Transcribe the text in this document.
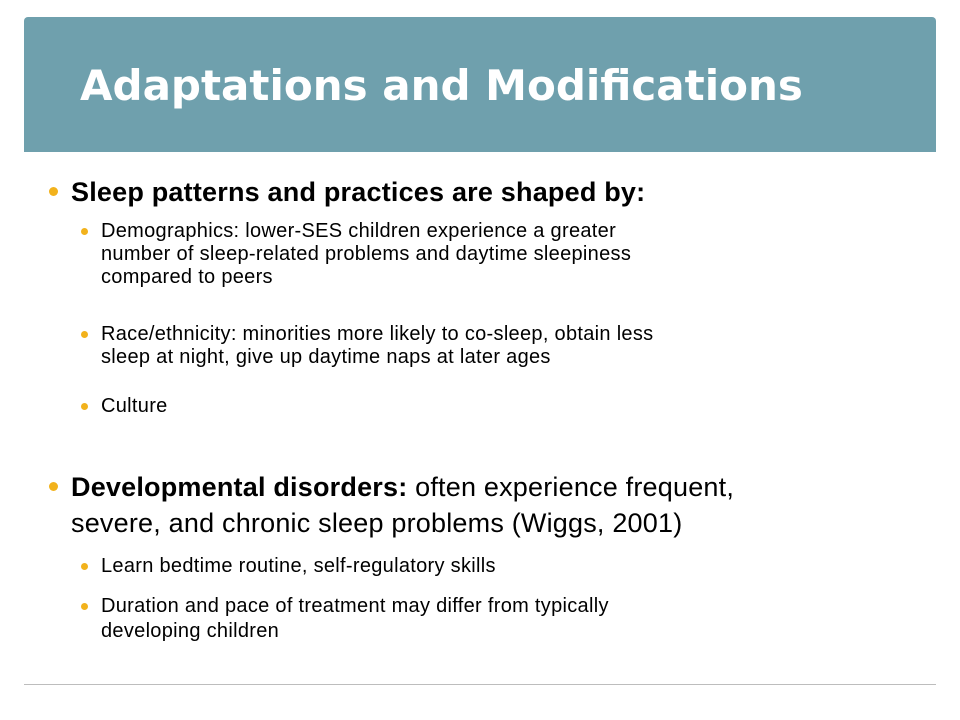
Adaptations and Modifications
Sleep patterns and practices are shaped by:
Demographics: lower-SES children experience a greater
number of sleep-related problems and daytime sleepiness
compared to peers
Race/ethnicity: minorities more likely to co-sleep, obtain less
sleep at night, give up daytime naps at later ages
Culture
Developmental disorders: often experience frequent,
severe, and chronic sleep problems (Wiggs, 2001)
Learn bedtime routine, self-regulatory skills
Duration and pace of treatment may differ from typically
developing children
